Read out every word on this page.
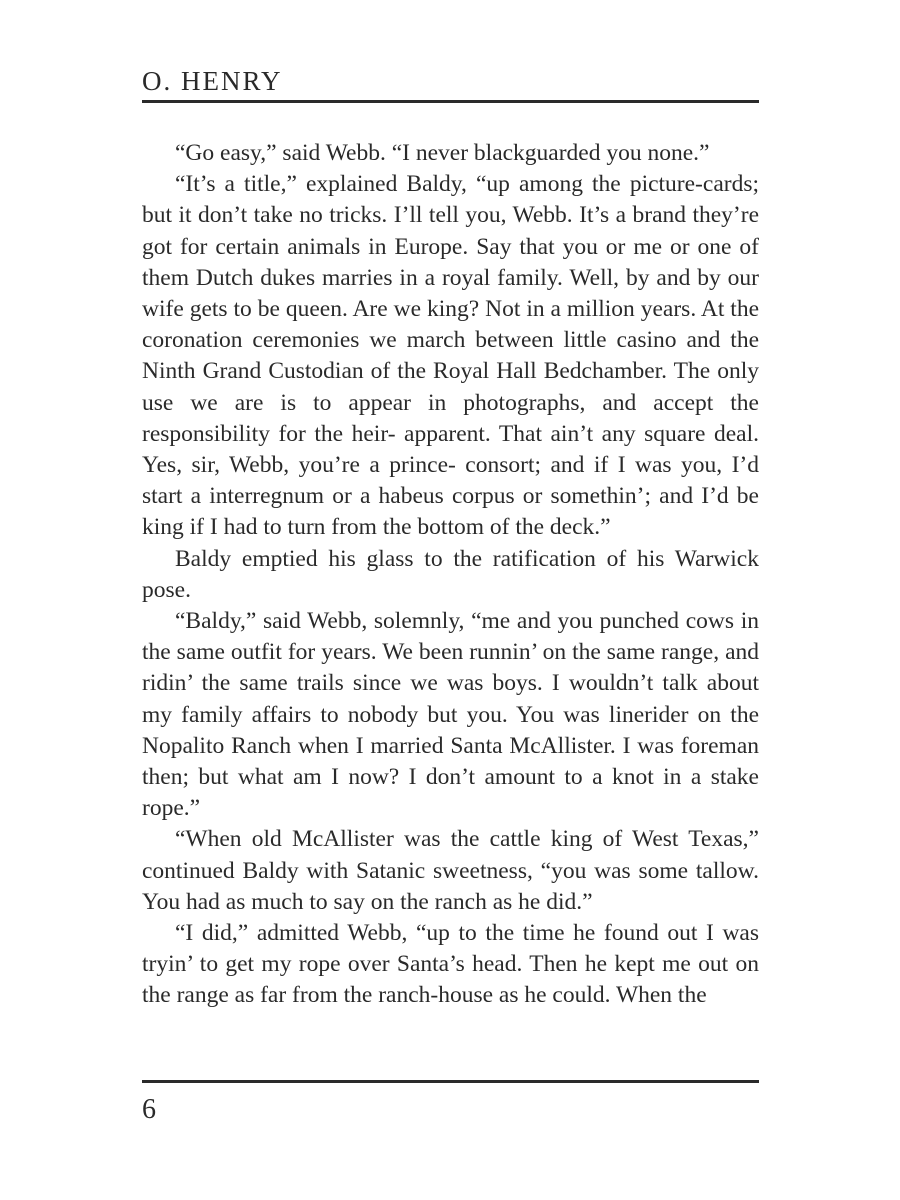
O. HENRY

“Go easy,” said Webb. “I never blackguarded you none.”

“It’s a title,” explained Baldy, “up among the picture-cards; but it don’t take no tricks. I’ll tell you, Webb. It’s a brand they’re got for certain animals in Europe. Say that you or me or one of them Dutch dukes marries in a royal family. Well, by and by our wife gets to be queen. Are we king? Not in a million years. At the coronation ceremonies we march between little casino and the Ninth Grand Custodian of the Royal Hall Bedchamber. The only use we are is to appear in photographs, and accept the responsibility for the heir- apparent. That ain’t any square deal. Yes, sir, Webb, you’re a prince- consort; and if I was you, I’d start a interregnum or a habeus corpus or somethin’; and I’d be king if I had to turn from the bottom of the deck.”

Baldy emptied his glass to the ratification of his Warwick pose.

“Baldy,” said Webb, solemnly, “me and you punched cows in the same outfit for years. We been runnin’ on the same range, and ridin’ the same trails since we was boys. I wouldn’t talk about my family affairs to nobody but you. You was linerider on the Nopalito Ranch when I married Santa McAllister. I was foreman then; but what am I now? I don’t amount to a knot in a stake rope.”

“When old McAllister was the cattle king of West Texas,” continued Baldy with Satanic sweetness, “you was some tallow. You had as much to say on the ranch as he did.”

“I did,” admitted Webb, “up to the time he found out I was tryin’ to get my rope over Santa’s head. Then he kept me out on the range as far from the ranch-house as he could. When the

6
